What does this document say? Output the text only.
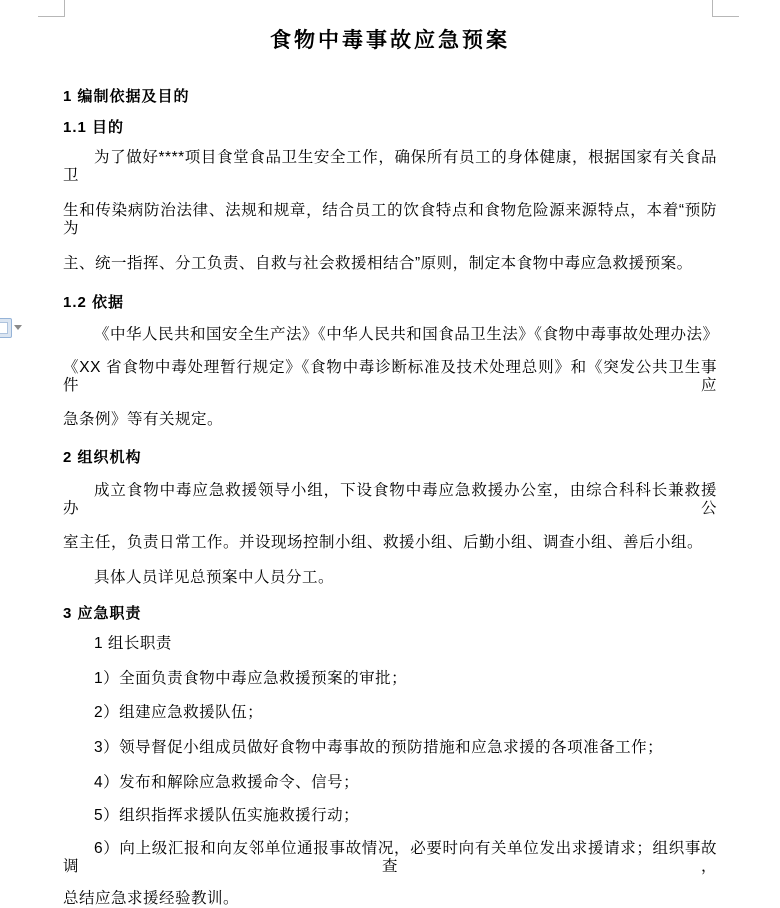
食物中毒事故应急预案
1 编制依据及目的
1.1 目的
为了做好****项目食堂食品卫生安全工作，确保所有员工的身体健康，根据国家有关食品卫
生和传染病防治法律、法规和规章，结合员工的饮食特点和食物危险源来源特点，本着“预防为
主、统一指挥、分工负责、自救与社会救援相结合”原则，制定本食物中毒应急救援预案。
1.2 依据
《中华人民共和国安全生产法》《中华人民共和国食品卫生法》《食物中毒事故处理办法》
《XX 省食物中毒处理暂行规定》《食物中毒诊断标准及技术处理总则》和《突发公共卫生事件应
急条例》等有关规定。
2 组织机构
成立食物中毒应急救援领导小组，下设食物中毒应急救援办公室，由综合科科长兼救援办公
室主任，负责日常工作。并设现场控制小组、救援小组、后勤小组、调查小组、善后小组。
具体人员详见总预案中人员分工。
3 应急职责
1 组长职责
1）全面负责食物中毒应急救援预案的审批；
2）组建应急救援队伍；
3）领导督促小组成员做好食物中毒事故的预防措施和应急求援的各项准备工作；
4）发布和解除应急救援命令、信号；
5）组织指挥求援队伍实施救援行动；
6）向上级汇报和向友邻单位通报事故情况，必要时向有关单位发出求援请求；组织事故调查，
总结应急求援经验教训。
